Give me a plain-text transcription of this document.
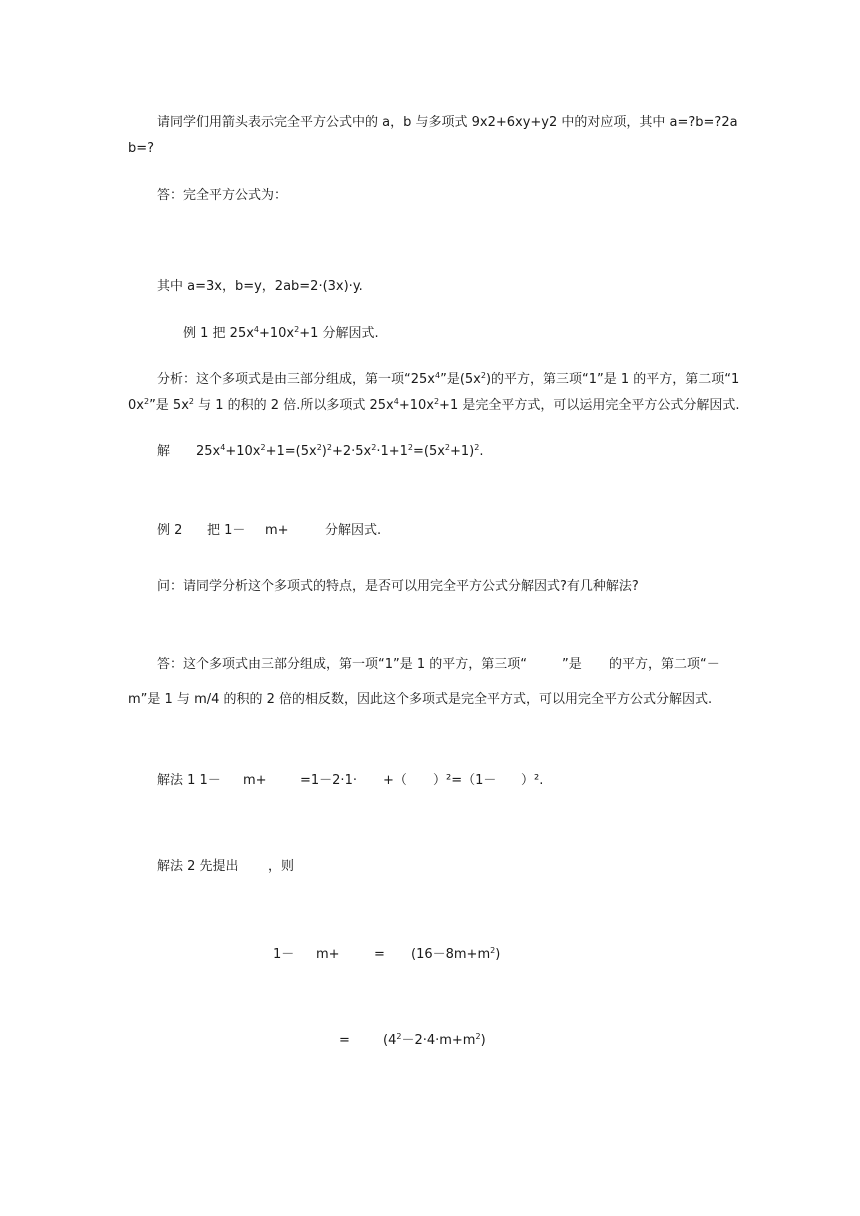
请同学们用箭头表示完全平方公式中的 a，b 与多项式 9x2+6xy+y2 中的对应项，其中 a=?b=?2a
b=?
答：完全平方公式为：
其中 a=3x，b=y，2ab=2·(3x)·y.
例 1 把 $25x^4+10x^2+1$ 分解因式.
分析：这个多项式是由三部分组成，第一项“$25x^4$”是$(5x^2)$的平方，第三项“1”是 1 的平方，第二项“1
$0x^2$”是 $5x^2$ 与 1 的积的 2 倍.所以多项式 $25x^4+10x^2+1$ 是完全平方式，可以运用完全平方公式分解因式.
解 $25x^4+10x^2+1=(5x^2)^2+2\cdot 5x^2\cdot 1+1^2=(5x^2+1)^2$.
例 2 把 1－ m+	分解因式.
问：请同学分析这个多项式的特点，是否可以用完全平方公式分解因式?有几种解法?
答：这个多项式由三部分组成，第一项“1”是 1 的平方，第三项“	”是 的平方，第二项“－
m”是 1 与 m/4 的积的 2 倍的相反数，因此这个多项式是完全平方式，可以用完全平方公式分解因式.
解法 1 1－ m+	=1－2·1· +（ ）²=（1－ ）².
解法 2 先提出 ，则
1－ m+	= $(16-8m+m^2)$
=	$(4^2-2\cdot 4\cdot m+m^2)$
